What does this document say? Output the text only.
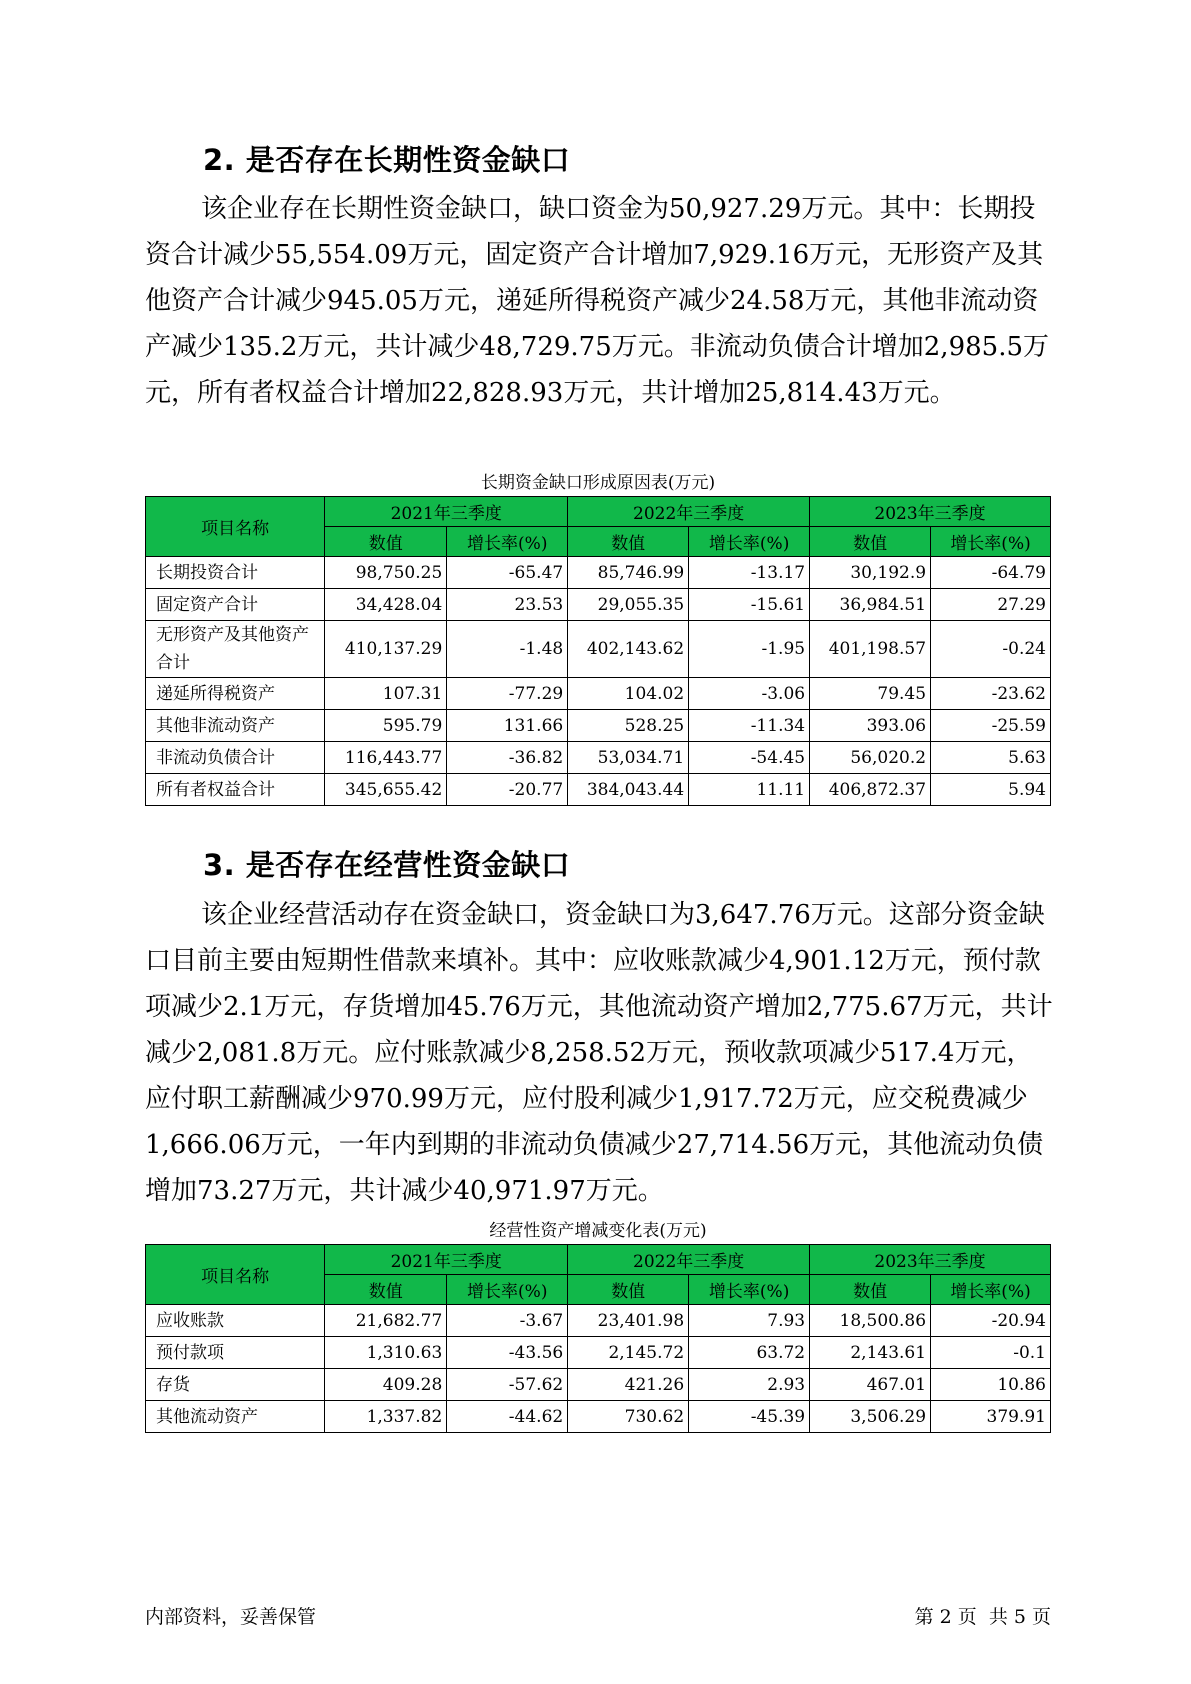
2. 是否存在长期性资金缺口

该企业存在长期性资金缺口，缺口资金为50,927.29万元。其中：长期投资合计减少55,554.09万元，固定资产合计增加7,929.16万元，无形资产及其他资产合计减少945.05万元，递延所得税资产减少24.58万元，其他非流动资产减少135.2万元，共计减少48,729.75万元。非流动负债合计增加2,985.5万元，所有者权益合计增加22,828.93万元，共计增加25,814.43万元。

长期资金缺口形成原因表(万元)
项目名称	2021年三季度		2022年三季度		2023年三季度	
	数值	增长率(%)	数值	增长率(%)	数值	增长率(%)
长期投资合计	98,750.25	-65.47	85,746.99	-13.17	30,192.9	-64.79
固定资产合计	34,428.04	23.53	29,055.35	-15.61	36,984.51	27.29
无形资产及其他资产合计	410,137.29	-1.48	402,143.62	-1.95	401,198.57	-0.24
递延所得税资产	107.31	-77.29	104.02	-3.06	79.45	-23.62
其他非流动资产	595.79	131.66	528.25	-11.34	393.06	-25.59
非流动负债合计	116,443.77	-36.82	53,034.71	-54.45	56,020.2	5.63
所有者权益合计	345,655.42	-20.77	384,043.44	11.11	406,872.37	5.94
3. 是否存在经营性资金缺口

该企业经营活动存在资金缺口，资金缺口为3,647.76万元。这部分资金缺口目前主要由短期性借款来填补。其中：应收账款减少4,901.12万元，预付款项减少2.1万元，存货增加45.76万元，其他流动资产增加2,775.67万元，共计减少2,081.8万元。应付账款减少8,258.52万元，预收款项减少517.4万元，应付职工薪酬减少970.99万元，应付股利减少1,917.72万元，应交税费减少1,666.06万元，一年内到期的非流动负债减少27,714.56万元，其他流动负债增加73.27万元，共计减少40,971.97万元。

经营性资产增减变化表(万元)
项目名称	2021年三季度		2022年三季度		2023年三季度	
	数值	增长率(%)	数值	增长率(%)	数值	增长率(%)
应收账款	21,682.77	-3.67	23,401.98	7.93	18,500.86	-20.94
预付款项	1,310.63	-43.56	2,145.72	63.72	2,143.61	-0.1
存货	409.28	-57.62	421.26	2.93	467.01	10.86
其他流动资产	1,337.82	-44.62	730.62	-45.39	3,506.29	379.91
内部资料，妥善保管	第 2 页  共 5 页
